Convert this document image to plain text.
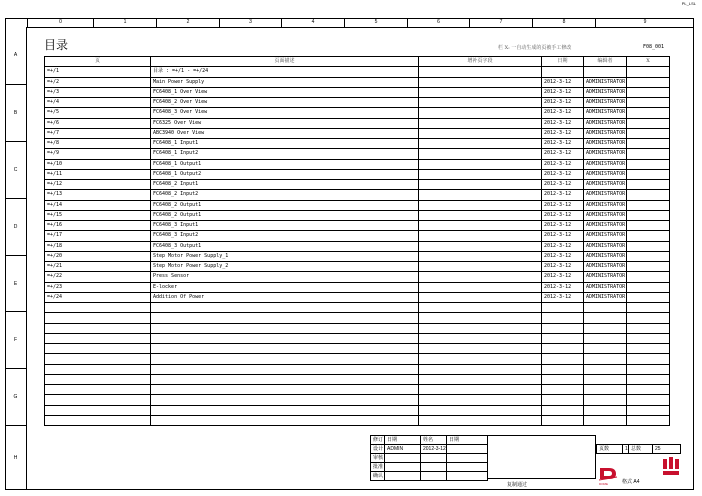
PL_LSL
0	1	2	3	4	5	6	7	8	9
A
B
C
D
E
F
G
H
目录	栏 X: 一自动生成的页被手工修改	F08_001
页	页面描述	增补页字段	日期	编辑者	X
=+/1	目录 : =+/1 - =+/24				
=+/2	Main Power Supply		2012-3-12	ADMINISTRATOR	
=+/3	FC6408_1 Over View		2012-3-12	ADMINISTRATOR	
=+/4	FC6408_2 Over View		2012-3-12	ADMINISTRATOR	
=+/5	FC6408_3 Over View		2012-3-12	ADMINISTRATOR	
=+/6	FC6325 Over View		2012-3-12	ADMINISTRATOR	
=+/7	ABC3940 Over View		2012-3-12	ADMINISTRATOR	
=+/8	FC6408_1 Input1		2012-3-12	ADMINISTRATOR	
=+/9	FC6408_1 Input2		2012-3-12	ADMINISTRATOR	
=+/10	FC6408_1 Output1		2012-3-12	ADMINISTRATOR	
=+/11	FC6408_1 Output2		2012-3-12	ADMINISTRATOR	
=+/12	FC6408_2 Input1		2012-3-12	ADMINISTRATOR	
=+/13	FC6408_2 Input2		2012-3-12	ADMINISTRATOR	
=+/14	FC6408_2 Output1		2012-3-12	ADMINISTRATOR	
=+/15	FC6408_2 Output1		2012-3-12	ADMINISTRATOR	
=+/16	FC6408_3 Input1		2012-3-12	ADMINISTRATOR	
=+/17	FC6408_3 Input2		2012-3-12	ADMINISTRATOR	
=+/18	FC6408_3 Output1		2012-3-12	ADMINISTRATOR	
=+/20	Step Motor Power Supply_1		2012-3-12	ADMINISTRATOR	
=+/21	Step Motor Power Supply_2		2012-3-12	ADMINISTRATOR	
=+/22	Press Sensor		2012-3-12	ADMINISTRATOR	
=+/23	E-locker		2012-3-12	ADMINISTRATOR	
=+/24	Addition Of Power		2012-3-12	ADMINISTRATOR	

修订	日期	姓名	日期
设计	ADMIN	2012-3-12	
审核			
批准			
确认			
复制通过
页数	1	总数	25
DOME	格式 A4
